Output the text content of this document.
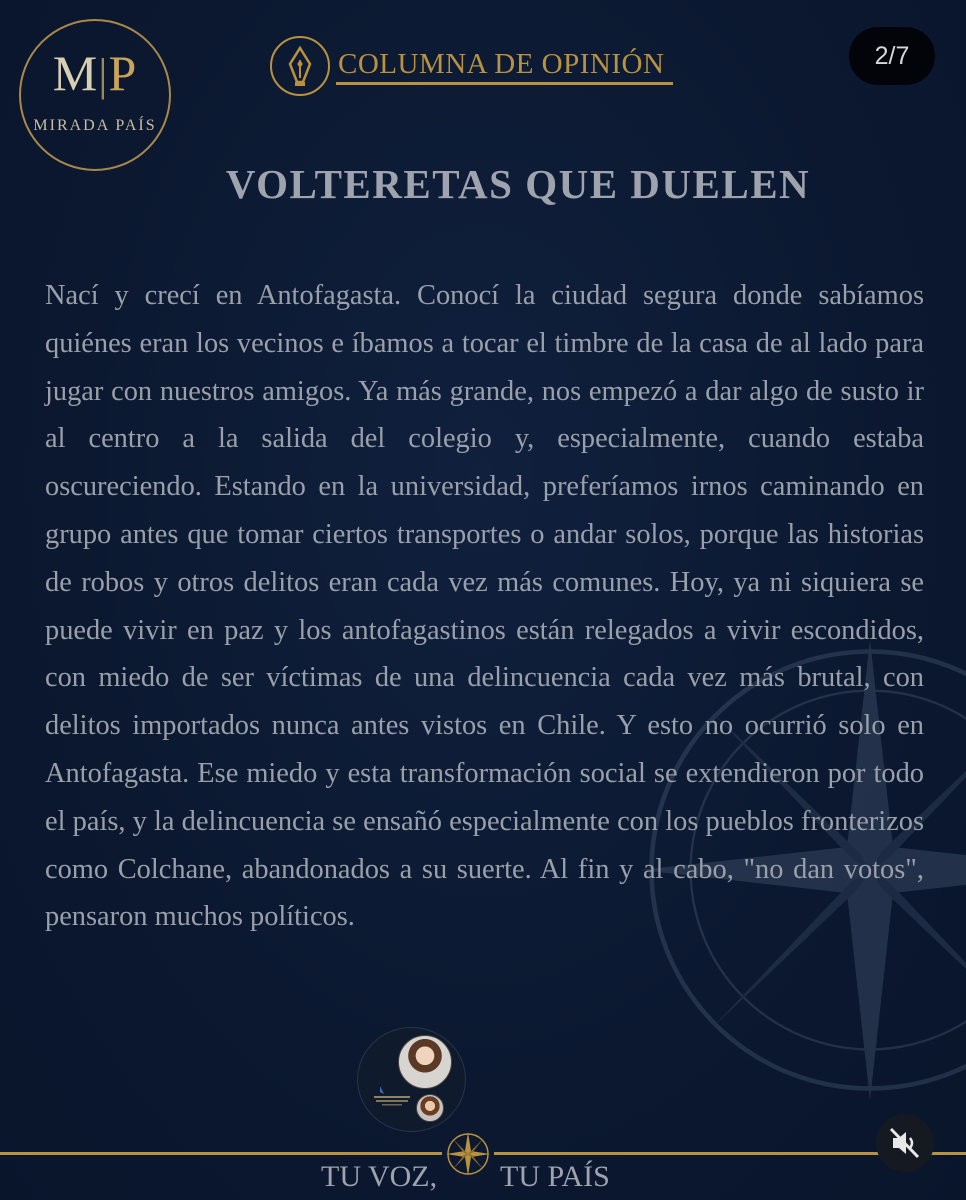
M|P
MIRADA PAÍS
COLUMNA DE OPINIÓN	2/7
VOLTERETAS QUE DUELEN

Nací y crecí en Antofagasta. Conocí la ciudad segura donde sabíamos quiénes eran los vecinos e íbamos a tocar el timbre de la casa de al lado para jugar con nuestros amigos. Ya más grande, nos empezó a dar algo de susto ir al centro a la salida del colegio y, especialmente, cuando estaba oscureciendo. Estando en la universidad, preferíamos irnos caminando en grupo antes que tomar ciertos transportes o andar solos, porque las historias de robos y otros delitos eran cada vez más comunes. Hoy, ya ni siquiera se puede vivir en paz y los antofagastinos están relegados a vivir escondidos, con miedo de ser víctimas de una delincuencia cada vez más brutal, con delitos importados nunca antes vistos en Chile. Y esto no ocurrió solo en Antofagasta. Ese miedo y esta transformación social se extendieron por todo el país, y la delincuencia se ensañó especialmente con los pueblos fronterizos como Colchane, abandonados a su suerte. Al fin y al cabo, "no dan votos", pensaron muchos políticos.

TU VOZ, TU PAÍS
